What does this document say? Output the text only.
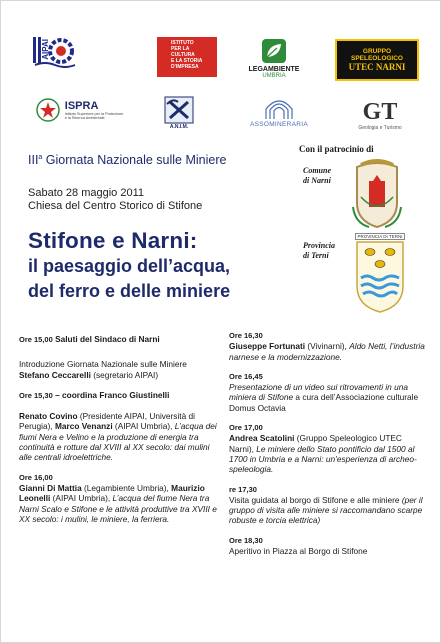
AIPAI	ISTITUTO
PER LA CULTURA
E LA STORIA
D'IMPRESA	LEGAMBIENTE
UMBRIA
GRUPPO
SPELEOLOGICO
UTEC NARNI
ISPRA
Istituto Superiore per la Protezione
e la Ricerca Ambientale
A.N.I.M.	ASSOMINERARIA GT
Geologia e Turismo
III$^a$ Giornata Nazionale sulle Miniere
Sabato 28 maggio 2011
Chiesa del Centro Storico di Stifone
Stifone e Narni:
il paesaggio dell’acqua,
del ferro e delle miniere
Con il patrocinio di
Comune
di Narni
Provincia
di Terni
PROVINCIA DI TERNI
Ore 15,00 Saluti del Sindaco di Narni
Introduzione Giornata Nazionale sulle Miniere Stefano Ceccarelli (segretario AIPAI)
Ore 15,30 – coordina Franco Giustinelli
Renato Covino (Presidente AIPAI, Università di Perugia), Marco Venanzi (AIPAI Umbria), L’acqua dei fiumi Nera e Velino e la produzione di energia tra continuità e rotture dal XVIII al XX secolo: dai mulini alle centrali idroelettriche.
Ore 16,00
Gianni Di Mattia (Legambiente Umbria), Maurizio Leonelli (AIPAI Umbria), L’acqua del fiume Nera tra Narni Scalo e Stifone e le attività produttive tra XVIII e XX secolo: i mulini, le miniere, la ferriera.
Ore 16,30
Giuseppe Fortunati (Vivinarni), Aldo Netti, l’industria narnese e la modernizzazione.
Ore 16,45
Presentazione di un video sui ritrovamenti in una miniera di Stifone a cura dell’Associazione culturale Domus Octavia
Ore 17,00
Andrea Scatolini (Gruppo Speleologico UTEC Narni), Le miniere dello Stato pontificio dal 1500 al 1700 in Umbria e a Narni: un’esperienza di archeo-speleologia.
re 17,30
Visita guidata al borgo di Stifone e alle miniere (per il gruppo di visita alle miniere si raccomandano scarpe robuste e torcia elettrica)
Ore 18,30
Aperitivo in Piazza al Borgo di Stifone
